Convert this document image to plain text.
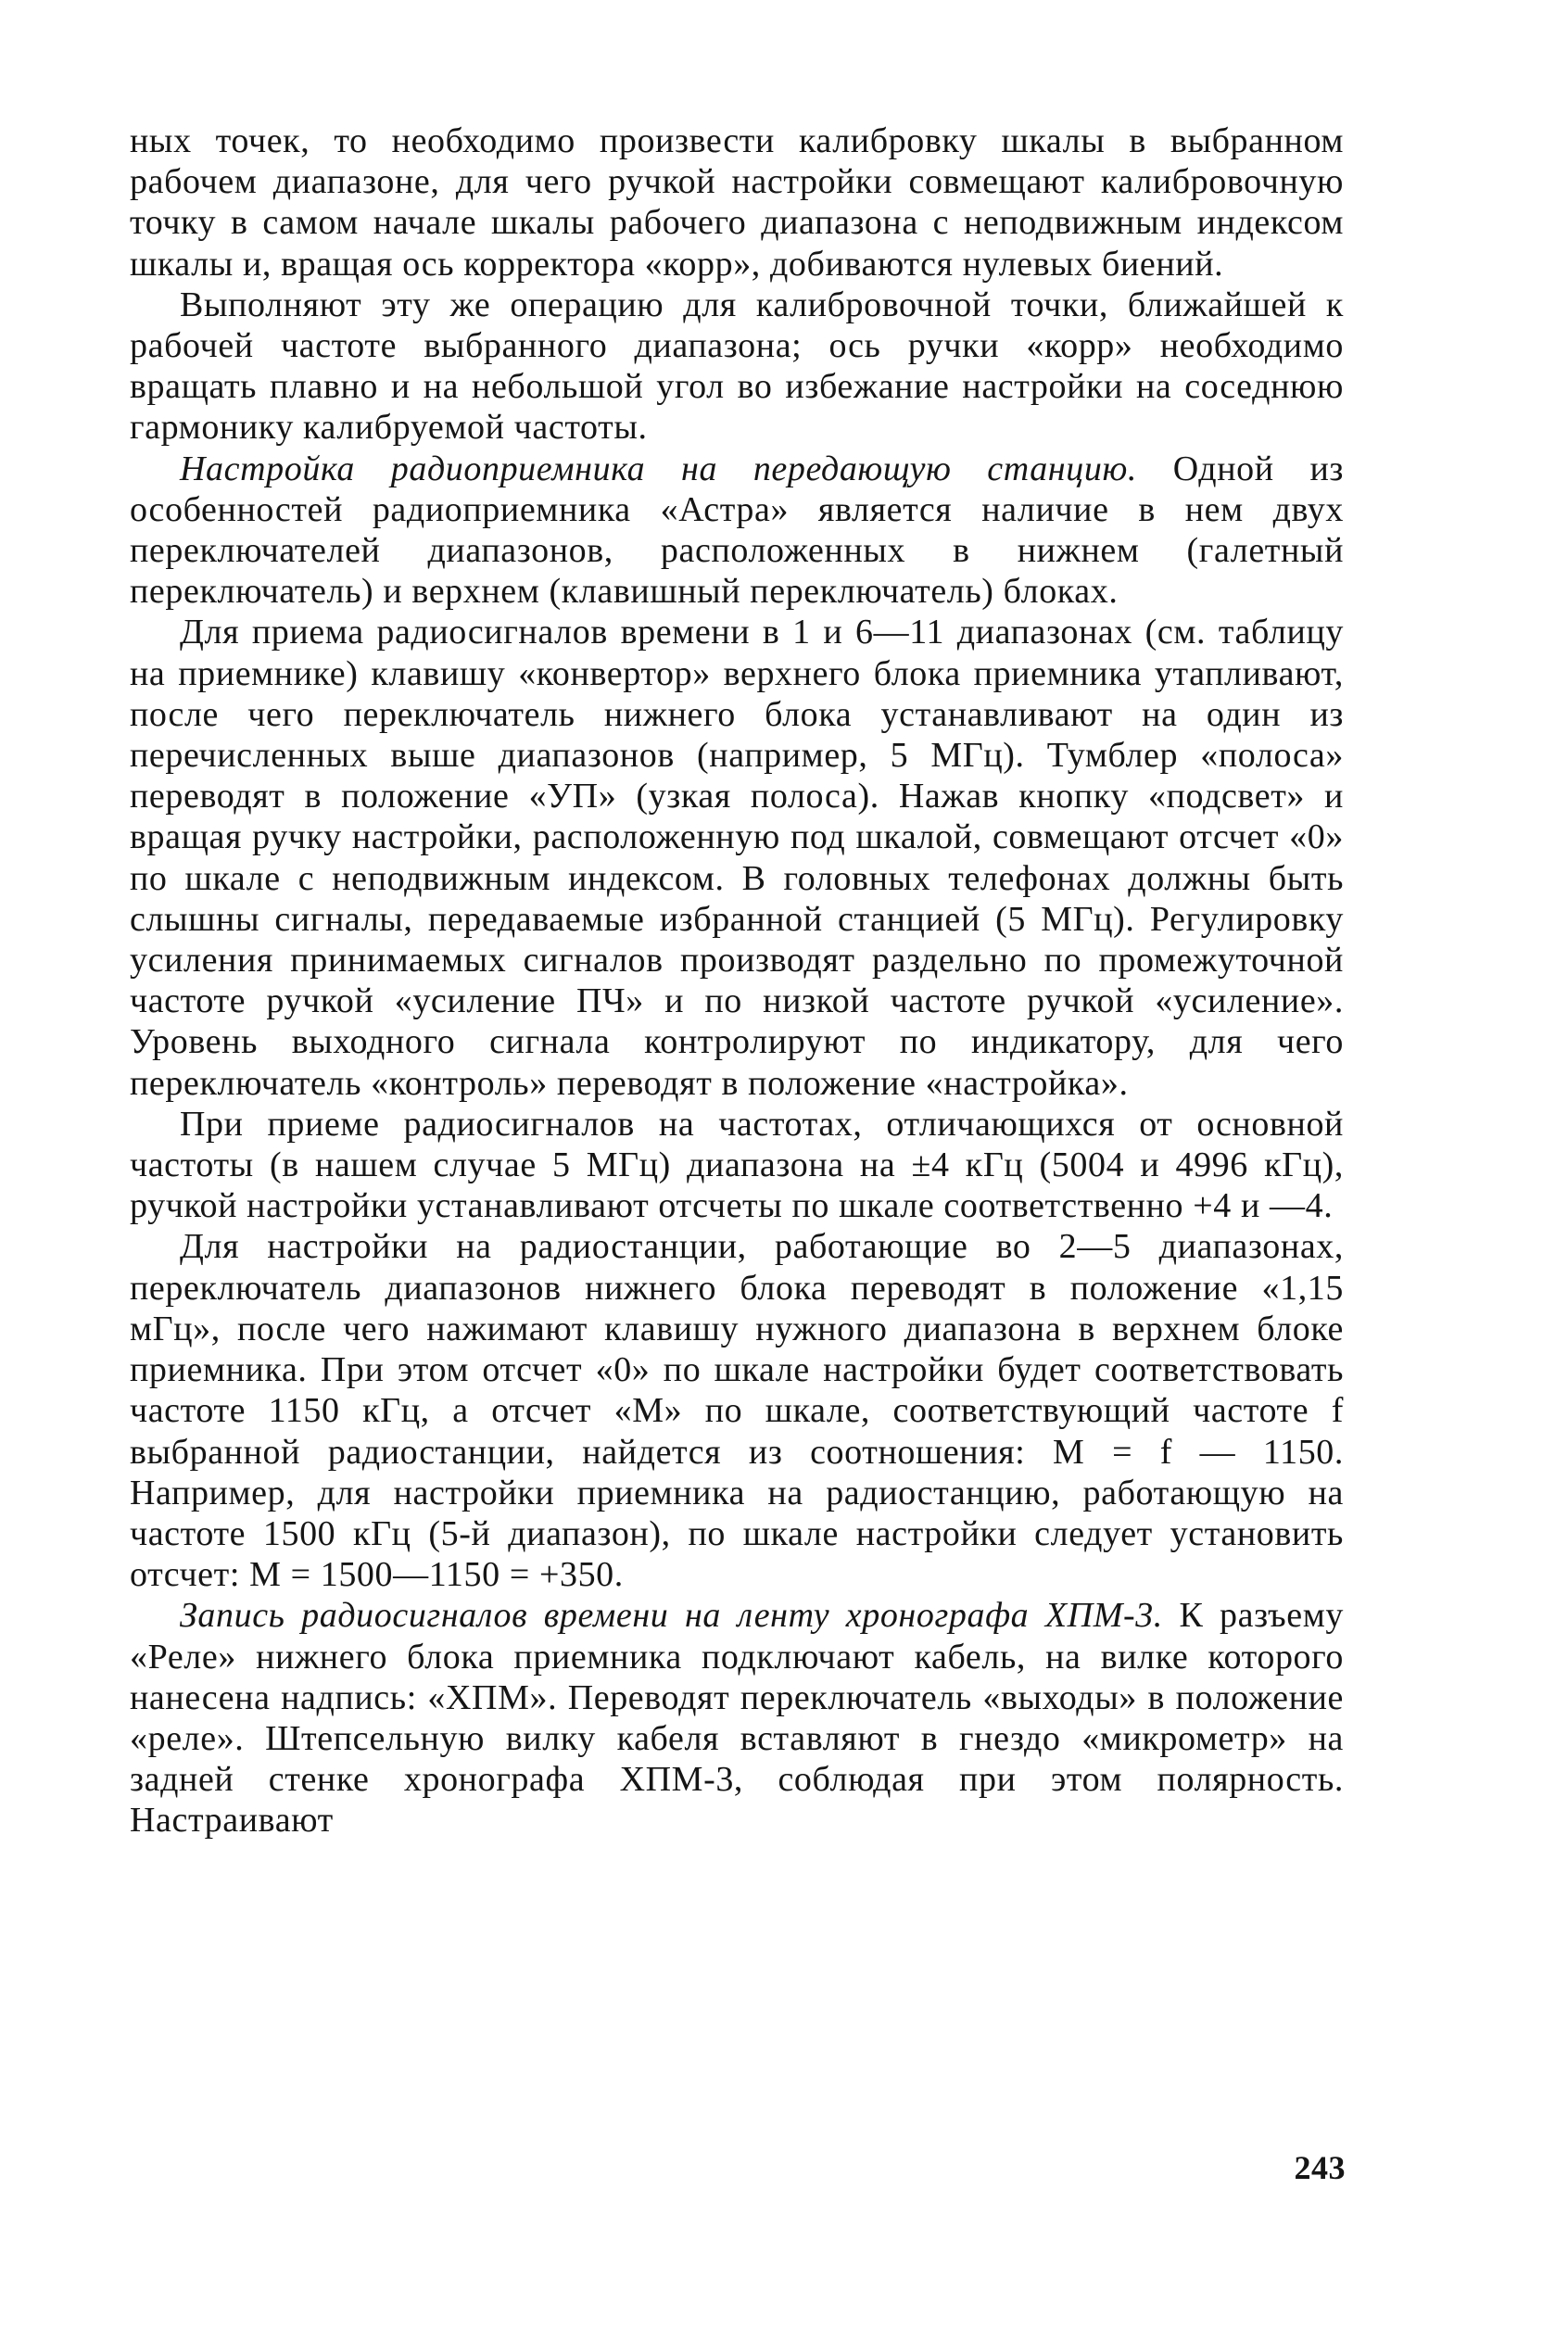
ных точек, то необходимо произвести калибровку шкалы в выбранном рабочем диапазоне, для чего ручкой настройки совмещают калибровочную точку в самом начале шкалы рабочего диапазона с неподвижным индексом шкалы и, вращая ось корректора «корр», добиваются нулевых биений.

Выполняют эту же операцию для калибровочной точки, ближайшей к рабочей частоте выбранного диапазона; ось ручки «корр» необходимо вращать плавно и на небольшой угол во избежание настройки на соседнюю гармонику калибруемой частоты.

Настройка радиоприемника на передающую станцию. Одной из особенностей радиоприемника «Астра» является наличие в нем двух переключателей диапазонов, расположенных в нижнем (галетный переключатель) и верхнем (клавишный переключатель) блоках.

Для приема радиосигналов времени в 1 и 6—11 диапазонах (см. таблицу на приемнике) клавишу «конвертор» верхнего блока приемника утапливают, после чего переключатель нижнего блока устанавливают на один из перечисленных выше диапазонов (например, 5 МГц). Тумблер «полоса» переводят в положение «УП» (узкая полоса). Нажав кнопку «подсвет» и вращая ручку настройки, расположенную под шкалой, совмещают отсчет «0» по шкале с неподвижным индексом. В головных телефонах должны быть слышны сигналы, передаваемые избранной станцией (5 МГц). Регулировку усиления принимаемых сигналов производят раздельно по промежуточной частоте ручкой «усиление ПЧ» и по низкой частоте ручкой «усиление». Уровень выходного сигнала контролируют по индикатору, для чего переключатель «контроль» переводят в положение «настройка».

При приеме радиосигналов на частотах, отличающихся от основной частоты (в нашем случае 5 МГц) диапазона на ±4 кГц (5004 и 4996 кГц), ручкой настройки устанавливают отсчеты по шкале соответственно +4 и —4.

Для настройки на радиостанции, работающие во 2—5 диапазонах, переключатель диапазонов нижнего блока переводят в положение «1,15 мГц», после чего нажимают клавишу нужного диапазона в верхнем блоке приемника. При этом отсчет «0» по шкале настройки будет соответствовать частоте 1150 кГц, а отсчет «М» по шкале, соответствующий частоте f выбранной радиостанции, найдется из соотношения: М = f — 1150. Например, для настройки приемника на радиостанцию, работающую на частоте 1500 кГц (5-й диапазон), по шкале настройки следует установить отсчет: М = 1500—1150 = +350.

Запись радиосигналов времени на ленту хронографа ХПМ-3. К разъему «Реле» нижнего блока приемника подключают кабель, на вилке которого нанесена надпись: «ХПМ». Переводят переключатель «выходы» в положение «реле». Штепсельную вилку кабеля вставляют в гнездо «микрометр» на задней стенке хронографа ХПМ-3, соблюдая при этом полярность. Настраивают

243
